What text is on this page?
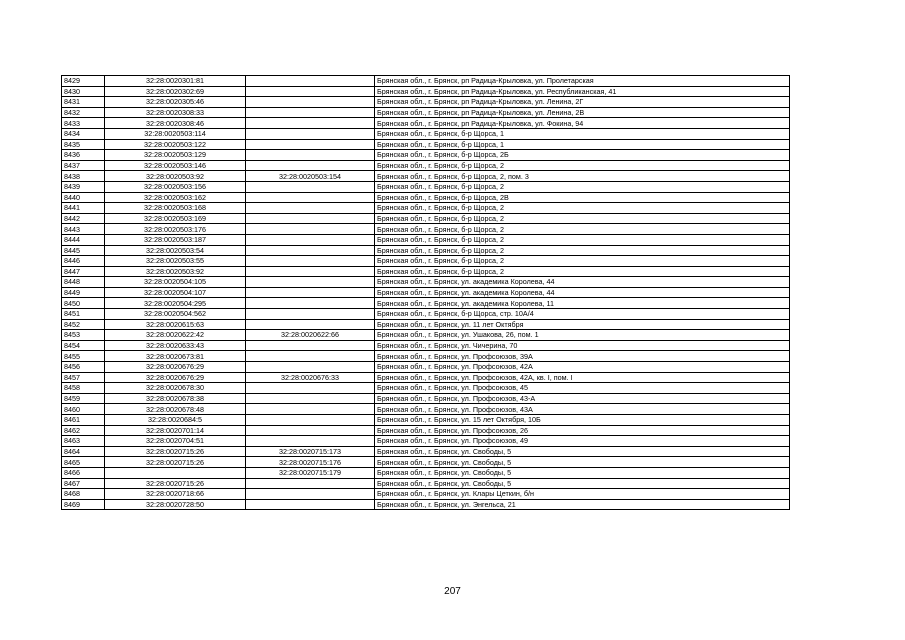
8429	32:28:0020301:81		Брянская обл., г. Брянск, рп Радица-Крыловка, ул. Пролетарская
8430	32:28:0020302:69		Брянская обл., г. Брянск, рп Радица-Крыловка, ул. Республиканская, 41
8431	32:28:0020305:46		Брянская обл., г. Брянск, рп Радица-Крыловка, ул. Ленина, 2Г
8432	32:28:0020308:33		Брянская обл., г. Брянск, рп Радица-Крыловка, ул. Ленина, 2В
8433	32:28:0020308:46		Брянская обл., г. Брянск, рп Радица-Крыловка, ул. Фокина, 94
8434	32:28:0020503:114		Брянская обл., г. Брянск, б-р Щорса, 1
8435	32:28:0020503:122		Брянская обл., г. Брянск, б-р Щорса, 1
8436	32:28:0020503:129		Брянская обл., г. Брянск, б-р Щорса, 2Б
8437	32:28:0020503:146		Брянская обл., г. Брянск, б-р Щорса, 2
8438	32:28:0020503:92	32:28:0020503:154	Брянская обл., г. Брянск, б-р Щорса, 2, пом. 3
8439	32:28:0020503:156		Брянская обл., г. Брянск, б-р Щорса, 2
8440	32:28:0020503:162		Брянская обл., г. Брянск, б-р Щорса, 2В
8441	32:28:0020503:168		Брянская обл., г. Брянск, б-р Щорса, 2
8442	32:28:0020503:169		Брянская обл., г. Брянск, б-р Щорса, 2
8443	32:28:0020503:176		Брянская обл., г. Брянск, б-р Щорса, 2
8444	32:28:0020503:187		Брянская обл., г. Брянск, б-р Щорса, 2
8445	32:28:0020503:54		Брянская обл., г. Брянск, б-р Щорса, 2
8446	32:28:0020503:55		Брянская обл., г. Брянск, б-р Щорса, 2
8447	32:28:0020503:92		Брянская обл., г. Брянск, б-р Щорса, 2
8448	32:28:0020504:105		Брянская обл., г. Брянск, ул. академика Королева, 44
8449	32:28:0020504:107		Брянская обл., г. Брянск, ул. академика Королева, 44
8450	32:28:0020504:295		Брянская обл., г. Брянск, ул. академика Королева, 11
8451	32:28:0020504:562		Брянская обл., г. Брянск, б-р Щорса, стр. 10А/4
8452	32:28:0020615:63		Брянская обл., г. Брянск, ул. 11 лет Октября
8453	32:28:0020622:42	32:28:0020622:66	Брянская обл., г. Брянск, ул. Ушакова, 26, пом. 1
8454	32:28:0020633:43		Брянская обл., г. Брянск, ул. Чичерина, 70
8455	32:28:0020673:81		Брянская обл., г. Брянск, ул. Профсоюзов, 39А
8456	32:28:0020676:29		Брянская обл., г. Брянск, ул. Профсоюзов, 42А
8457	32:28:0020676:29	32:28:0020676:33	Брянская обл., г. Брянск, ул. Профсоюзов, 42А, кв. I, пом. I
8458	32:28:0020678:30		Брянская обл., г. Брянск, ул. Профсоюзов, 45
8459	32:28:0020678:38		Брянская обл., г. Брянск, ул. Профсоюзов, 43-А
8460	32:28:0020678:48		Брянская обл., г. Брянск, ул. Профсоюзов, 43А
8461	32:28:0020684:5		Брянская обл., г. Брянск, ул. 15 лет Октября, 10Б
8462	32:28:0020701:14		Брянская обл., г. Брянск, ул. Профсоюзов, 26
8463	32:28:0020704:51		Брянская обл., г. Брянск, ул. Профсоюзов, 49
8464	32:28:0020715:26	32:28:0020715:173	Брянская обл., г. Брянск, ул. Свободы, 5
8465	32:28:0020715:26	32:28:0020715:176	Брянская обл., г. Брянск, ул. Свободы, 5
8466		32:28:0020715:179	Брянская обл., г. Брянск, ул. Свободы, 5
8467	32:28:0020715:26		Брянская обл., г. Брянск, ул. Свободы, 5
8468	32:28:0020718:66		Брянская обл., г. Брянск, ул. Клары Цеткин, б/н
8469	32:28:0020728:50		Брянская обл., г. Брянск, ул. Энгельса, 21
207
